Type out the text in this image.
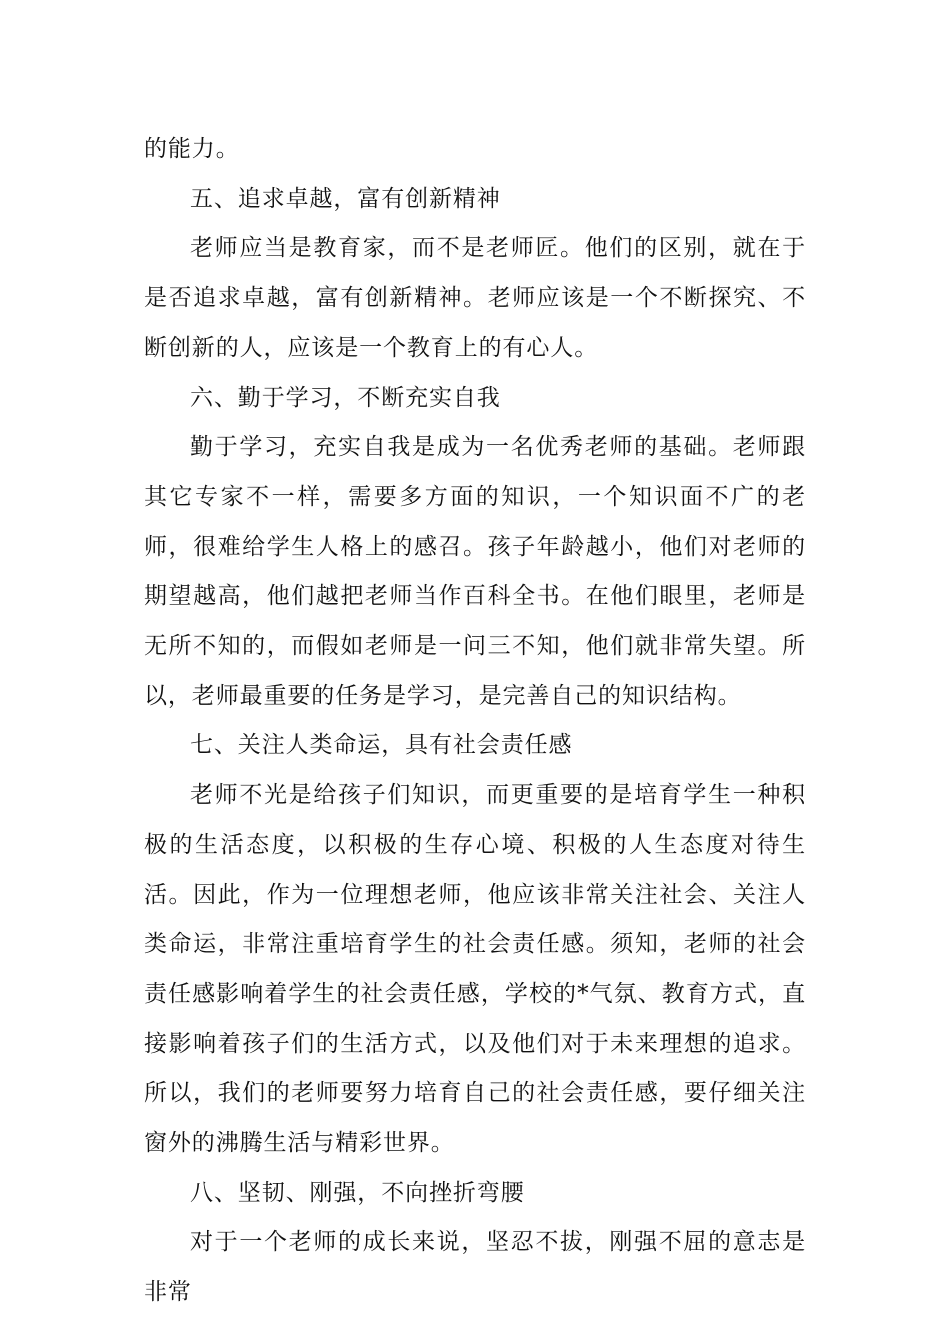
的能力。

五、追求卓越，富有创新精神

老师应当是教育家，而不是老师匠。他们的区别，就在于是否追求卓越，富有创新精神。老师应该是一个不断探究、不断创新的人，应该是一个教育上的有心人。

六、勤于学习，不断充实自我

勤于学习，充实自我是成为一名优秀老师的基础。老师跟其它专家不一样，需要多方面的知识，一个知识面不广的老师，很难给学生人格上的感召。孩子年龄越小，他们对老师的期望越高，他们越把老师当作百科全书。在他们眼里，老师是无所不知的，而假如老师是一问三不知，他们就非常失望。所以，老师最重要的任务是学习，是完善自己的知识结构。

七、关注人类命运，具有社会责任感

老师不光是给孩子们知识，而更重要的是培育学生一种积极的生活态度，以积极的生存心境、积极的人生态度对待生活。因此，作为一位理想老师，他应该非常关注社会、关注人类命运，非常注重培育学生的社会责任感。须知，老师的社会责任感影响着学生的社会责任感，学校的*气氛、教育方式，直接影响着孩子们的生活方式，以及他们对于未来理想的追求。所以，我们的老师要努力培育自己的社会责任感，要仔细关注窗外的沸腾生活与精彩世界。

八、坚韧、刚强，不向挫折弯腰

对于一个老师的成长来说，坚忍不拔，刚强不屈的意志是非常
